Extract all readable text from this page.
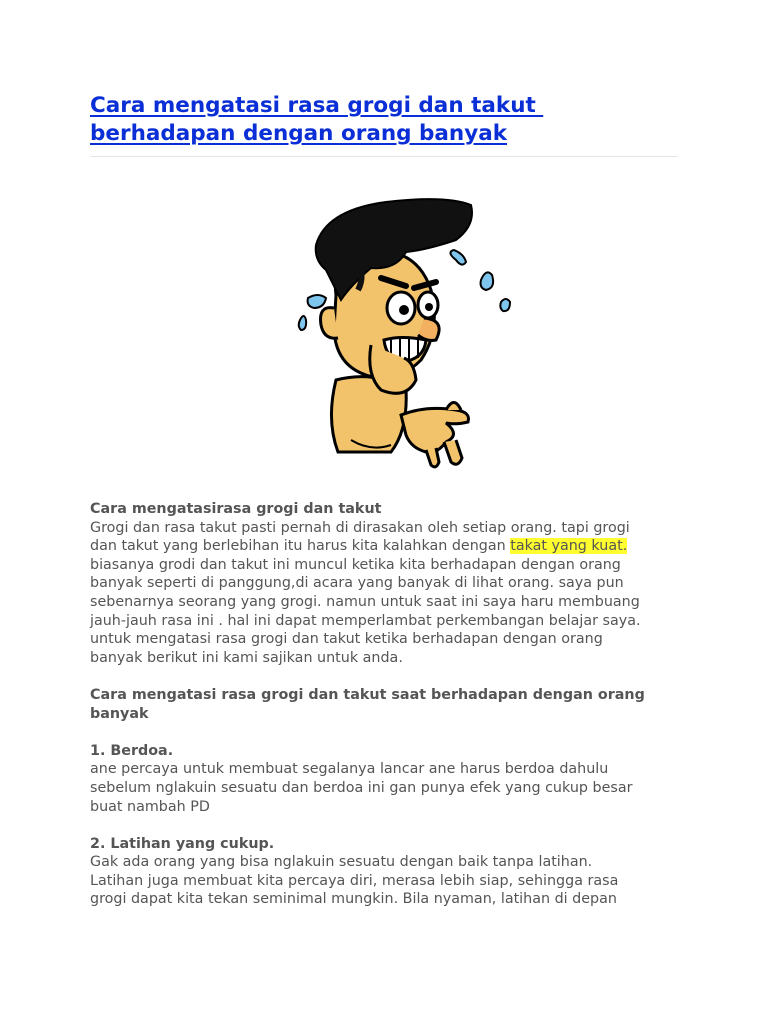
Cara mengatasi rasa grogi dan takut
berhadapan dengan orang banyak
Cara mengatasirasa grogi dan takut
Grogi dan rasa takut pasti pernah di dirasakan oleh setiap orang. tapi grogi
dan takut yang berlebihan itu harus kita kalahkan dengan takat yang kuat.
biasanya grodi dan takut ini muncul ketika kita berhadapan dengan orang
banyak seperti di panggung,di acara yang banyak di lihat orang. saya pun
sebenarnya seorang yang grogi. namun untuk saat ini saya haru membuang
jauh-jauh rasa ini . hal ini dapat memperlambat perkembangan belajar saya.
untuk mengatasi rasa grogi dan takut ketika berhadapan dengan orang
banyak berikut ini kami sajikan untuk anda.
Cara mengatasi rasa grogi dan takut saat berhadapan dengan orang
banyak
1. Berdoa.
ane percaya untuk membuat segalanya lancar ane harus berdoa dahulu
sebelum nglakuin sesuatu dan berdoa ini gan punya efek yang cukup besar
buat nambah PD
2. Latihan yang cukup.
Gak ada orang yang bisa nglakuin sesuatu dengan baik tanpa latihan.
Latihan juga membuat kita percaya diri, merasa lebih siap, sehingga rasa
grogi dapat kita tekan seminimal mungkin. Bila nyaman, latihan di depan
